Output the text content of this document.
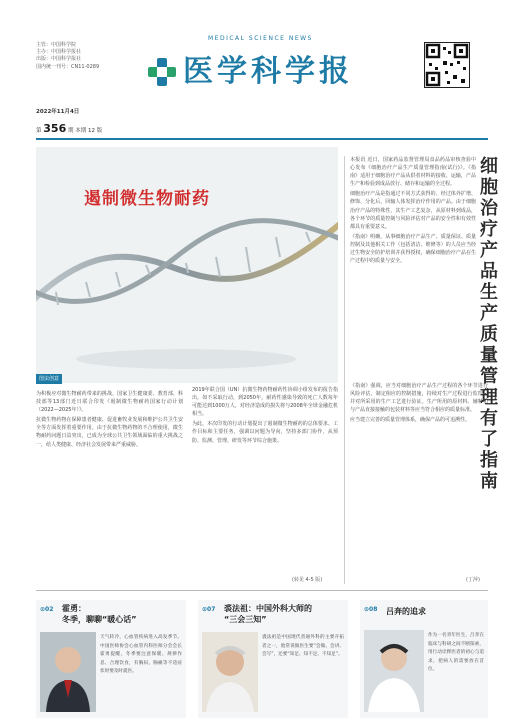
主管：中国科学院
主办：中国科学报社
出版：中国科学报社
国内统一刊号：CN11-0289
2022年11月4日
第 356 期 本期 12 版
MEDICAL SCIENCE NEWS
医学科学报
遏制微生物耐药
图虫创意
细胞治疗产品生产质量管理有了指南

本报讯 近日，国家药品监督管理局食品药品审核查验中心发布《细胞治疗产品生产质量管理指南(试行)》。《指南》适用于细胞治疗产品从供者材料的接收、运输，产品生产和检验到成品放行、储存和运输的全过程。

细胞治疗产品是指通过不同方式获得的、经过体外扩增、修饰、分化后，回输人体发挥治疗作用的产品。由于细胞治疗产品的特殊性，其生产工艺复杂，从原材料到成品，各个环节的质量控制与风险评估对产品的安全性和有效性都具有重要意义。

《指南》明确，从事细胞治疗产品生产、质量保证、质量控制及其他相关工作（包括清洁、维修等）的人员应当经过生物安全防护培训并获得授权，确保细胞治疗产品在生产过程中的质量与安全。

《指南》强调，应当对细胞治疗产品生产过程的各个环节进行风险评估，制定相应的控制措施，持续对生产过程进行监控，并对所采用的生产工艺进行验证。生产所用的原材料、辅料和与产品直接接触的包装材料等应当符合相应的质量标准。

应当建立完善的质量管理体系，确保产品的可追溯性。

(丁萍)

为积极应对微生物耐药带来的挑战，国家卫生健康委、教育部、科技部等13部门近日联合印发《遏制微生物耐药国家行动计划（2022—2025年）》。

抗微生物药物在保障患者健康、促进畜牧业发展和维护公共卫生安全等方面发挥着重要作用。由于抗微生物药物的不合理使用，微生物耐药问题日益突出，已成为全球公共卫生领域面临的重大挑战之一，给人类健康、经济社会发展带来严重威胁。

2019年联合国（UN）抗微生物药物耐药性协调小组发布的报告指出，如不采取行动，到2050年，耐药性感染导致的死亡人数每年可能达到1000万人，对经济造成的损失将与2008年全球金融危机相当。

为此，本次印发的行动计划提出了遏制微生物耐药的总体要求、工作目标和主要任务，强调以问题为导向，坚持多部门协作，从预防、监测、管理、研发等环节综合施策。

(转见 4-5 版)
⊙02 霍勇：
冬季，聊聊“暖心话”
天气转冷，心血管疾病进入高发季节。中国医师协会心血管内科医师分会会长霍勇提醒，冬季要注意保暖、规律作息、合理饮食，有胸闷、胸痛等不适症状时要及时就医。
⊙07 裘法祖：中国外科大师的
“三会三知”
裘法祖是中国现代普通外科的主要开拓者之一，他常说做医生要“会做、会讲、会写”，还要“知足、知不足、不知足”。
⊙08 吕奔的追求
作为一名青年医生，吕奔在临床与科研之间不断探索，用行动诠释医者的初心与追求，把病人的需要放在首位。
